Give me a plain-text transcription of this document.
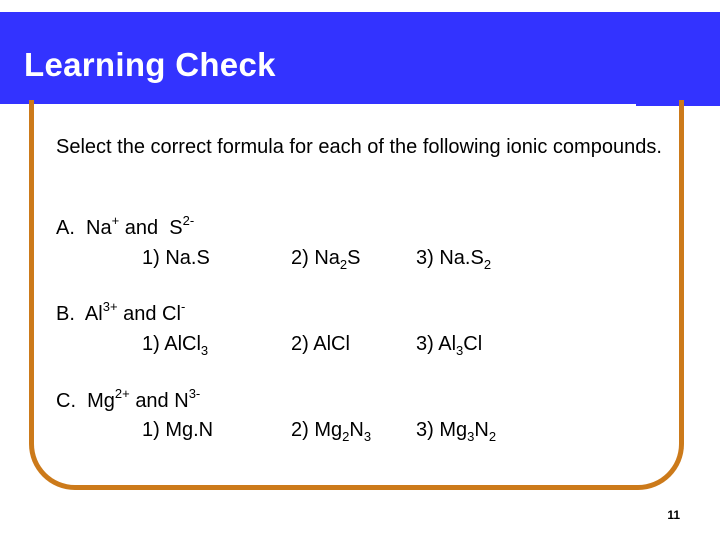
Learning Check
Select the correct formula for each of the following ionic compounds.
A. Na+ and $S^{2-}$
1) Na.S	2) $Na_2S$	3) $Na.S_2$
B. $Al^{3+}$ and Cl-
1) AlCl$_3$	2) AlCl	3) $Al_3Cl$
C. $Mg^{2+}$ and $N^{3-}$
1) Mg.N	2) $Mg_2N_3$ 3) $Mg_3N_2$
11
